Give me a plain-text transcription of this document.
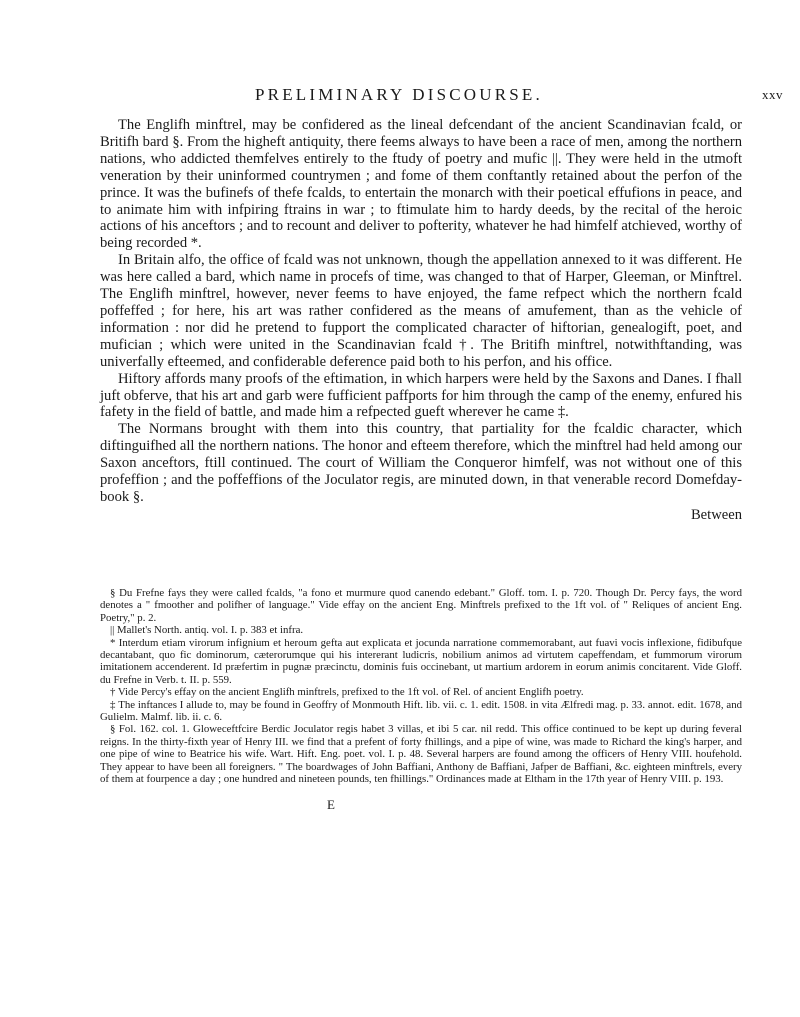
PRELIMINARY DISCOURSE.	xxv

The Englifh minftrel, may be confidered as the lineal defcendant of the ancient Scandinavian fcald, or Britifh bard §. From the higheft antiquity, there feems always to have been a race of men, among the northern nations, who addicted themfelves entirely to the ftudy of poetry and mufic ||. They were held in the utmoft veneration by their uninformed countrymen ; and fome of them conftantly retained about the perfon of the prince. It was the bufinefs of thefe fcalds, to entertain the monarch with their poetical effufions in peace, and to animate him with infpiring ftrains in war ; to ftimulate him to hardy deeds, by the recital of the heroic actions of his anceftors ; and to recount and deliver to pofterity, whatever he had himfelf atchieved, worthy of being recorded *.

In Britain alfo, the office of fcald was not unknown, though the appellation annexed to it was different. He was here called a bard, which name in procefs of time, was changed to that of Harper, Gleeman, or Minftrel. The Englifh minftrel, however, never feems to have enjoyed, the fame refpect which the northern fcald poffeffed ; for here, his art was rather confidered as the means of amufement, than as the vehicle of information : nor did he pretend to fupport the complicated character of hiftorian, genealogift, poet, and mufician ; which were united in the Scandinavian fcald †. The Britifh minftrel, notwithftanding, was univerfally efteemed, and confiderable deference paid both to his perfon, and his office.

Hiftory affords many proofs of the eftimation, in which harpers were held by the Saxons and Danes. I fhall juft obferve, that his art and garb were fufficient paffports for him through the camp of the enemy, enfured his fafety in the field of battle, and made him a refpected gueft wherever he came ‡.

The Normans brought with them into this country, that partiality for the fcaldic character, which diftinguifhed all the northern nations. The honor and efteem therefore, which the minftrel had held among our Saxon anceftors, ftill continued. The court of William the Conqueror himfelf, was not without one of this profeffion ; and the poffeffions of the Joculator regis, are minuted down, in that venerable record Domefday-book §.

Between

§ Du Frefne fays they were called fcalds, "a fono et murmure quod canendo edebant." Gloff. tom. I. p. 720. Though Dr. Percy fays, the word denotes a " fmoother and polifher of language." Vide effay on the ancient Eng. Minftrels prefixed to the 1ft vol. of " Reliques of ancient Eng. Poetry," p. 2.

|| Mallet's North. antiq. vol. I. p. 383 et infra.

* Interdum etiam virorum infignium et heroum gefta aut explicata et jocunda narratione commemorabant, aut fuavi vocis inflexione, fidibufque decantabant, quo fic dominorum, cæterorumque qui his intererant ludicris, nobilium animos ad virtutem capeffendam, et fummorum virorum imitationem accenderent. Id præfertim in pugnæ præcinctu, dominis fuis occinebant, ut martium ardorem in eorum animis concitarent. Vide Gloff. du Frefne in Verb. t. II. p. 559.

† Vide Percy's effay on the ancient Englifh minftrels, prefixed to the 1ft vol. of Rel. of ancient Englifh poetry.

‡ The inftances I allude to, may be found in Geoffry of Monmouth Hift. lib. vii. c. 1. edit. 1508. in vita Ælfredi mag. p. 33. annot. edit. 1678, and Gulielm. Malmf. lib. ii. c. 6.

§ Fol. 162. col. 1. Gloweceftfcire Berdic Joculator regis habet 3 villas, et ibi 5 car. nil redd. This office continued to be kept up during feveral reigns. In the thirty-fixth year of Henry III. we find that a prefent of forty fhillings, and a pipe of wine, was made to Richard the king's harper, and one pipe of wine to Beatrice his wife. Wart. Hift. Eng. poet. vol. I. p. 48. Several harpers are found among the officers of Henry VIII. houfehold. They appear to have been all foreigners. " The boardwages of John Baffiani, Anthony de Baffiani, Jafper de Baffiani, &c. eighteen minftrels, every of them at fourpence a day ; one hundred and nineteen pounds, ten fhillings." Ordinances made at Eltham in the 17th year of Henry VIII. p. 193.

E
